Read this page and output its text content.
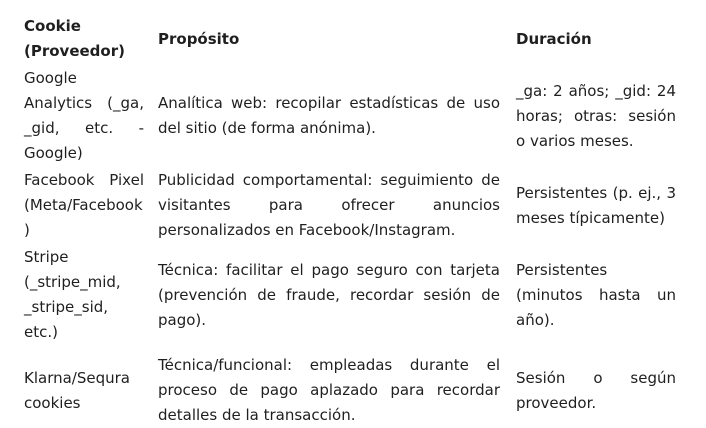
Cookie (Proveedor)	Propósito	Duración
Google Analytics (_ga, _gid, etc. - Google)	Analítica web: recopilar estadísticas de uso del sitio (de forma anónima).	_ga: 2 años; _gid: 24 horas; otras: sesión o varios meses.
Facebook Pixel (Meta/Facebook)	Publicidad comportamental: seguimiento de visitantes para ofrecer anuncios personalizados en Facebook/Instagram.	Persistentes (p. ej., 3 meses típicamente)
Stripe (_stripe_mid, _stripe_sid, etc.)	Técnica: facilitar el pago seguro con tarjeta (prevención de fraude, recordar sesión de pago).	Persistentes (minutos hasta un año).
Klarna/Sequra cookies	Técnica/funcional: empleadas durante el proceso de pago aplazado para recordar detalles de la transacción.	Sesión o según proveedor.
